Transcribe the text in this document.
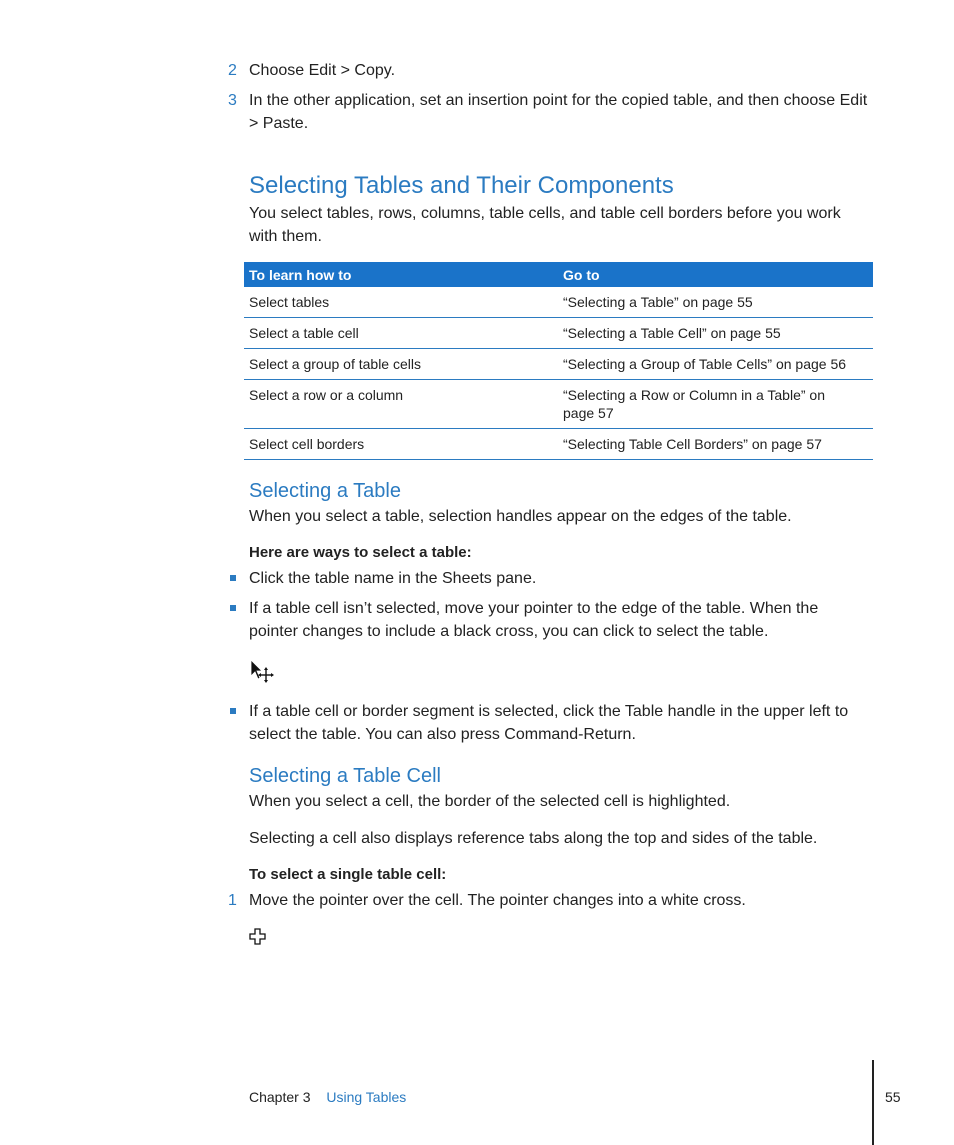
2 Choose Edit > Copy.
3 In the other application, set an insertion point for the copied table, and then choose Edit > Paste.
Selecting Tables and Their Components
You select tables, rows, columns, table cells, and table cell borders before you work with them.
To learn how to	Go to
Select tables	“Selecting a Table” on page 55
Select a table cell	“Selecting a Table Cell” on page 55
Select a group of table cells	“Selecting a Group of Table Cells” on page 56
Select a row or a column	“Selecting a Row or Column in a Table” on page 57
Select cell borders	“Selecting Table Cell Borders” on page 57
Selecting a Table
When you select a table, selection handles appear on the edges of the table.
Here are ways to select a table:
Click the table name in the Sheets pane.
If a table cell isn’t selected, move your pointer to the edge of the table. When the pointer changes to include a black cross, you can click to select the table.
If a table cell or border segment is selected, click the Table handle in the upper left to select the table. You can also press Command-Return.
Selecting a Table Cell
When you select a cell, the border of the selected cell is highlighted.
Selecting a cell also displays reference tabs along the top and sides of the table.
To select a single table cell:
1 Move the pointer over the cell. The pointer changes into a white cross.
Chapter 3 Using Tables	55
